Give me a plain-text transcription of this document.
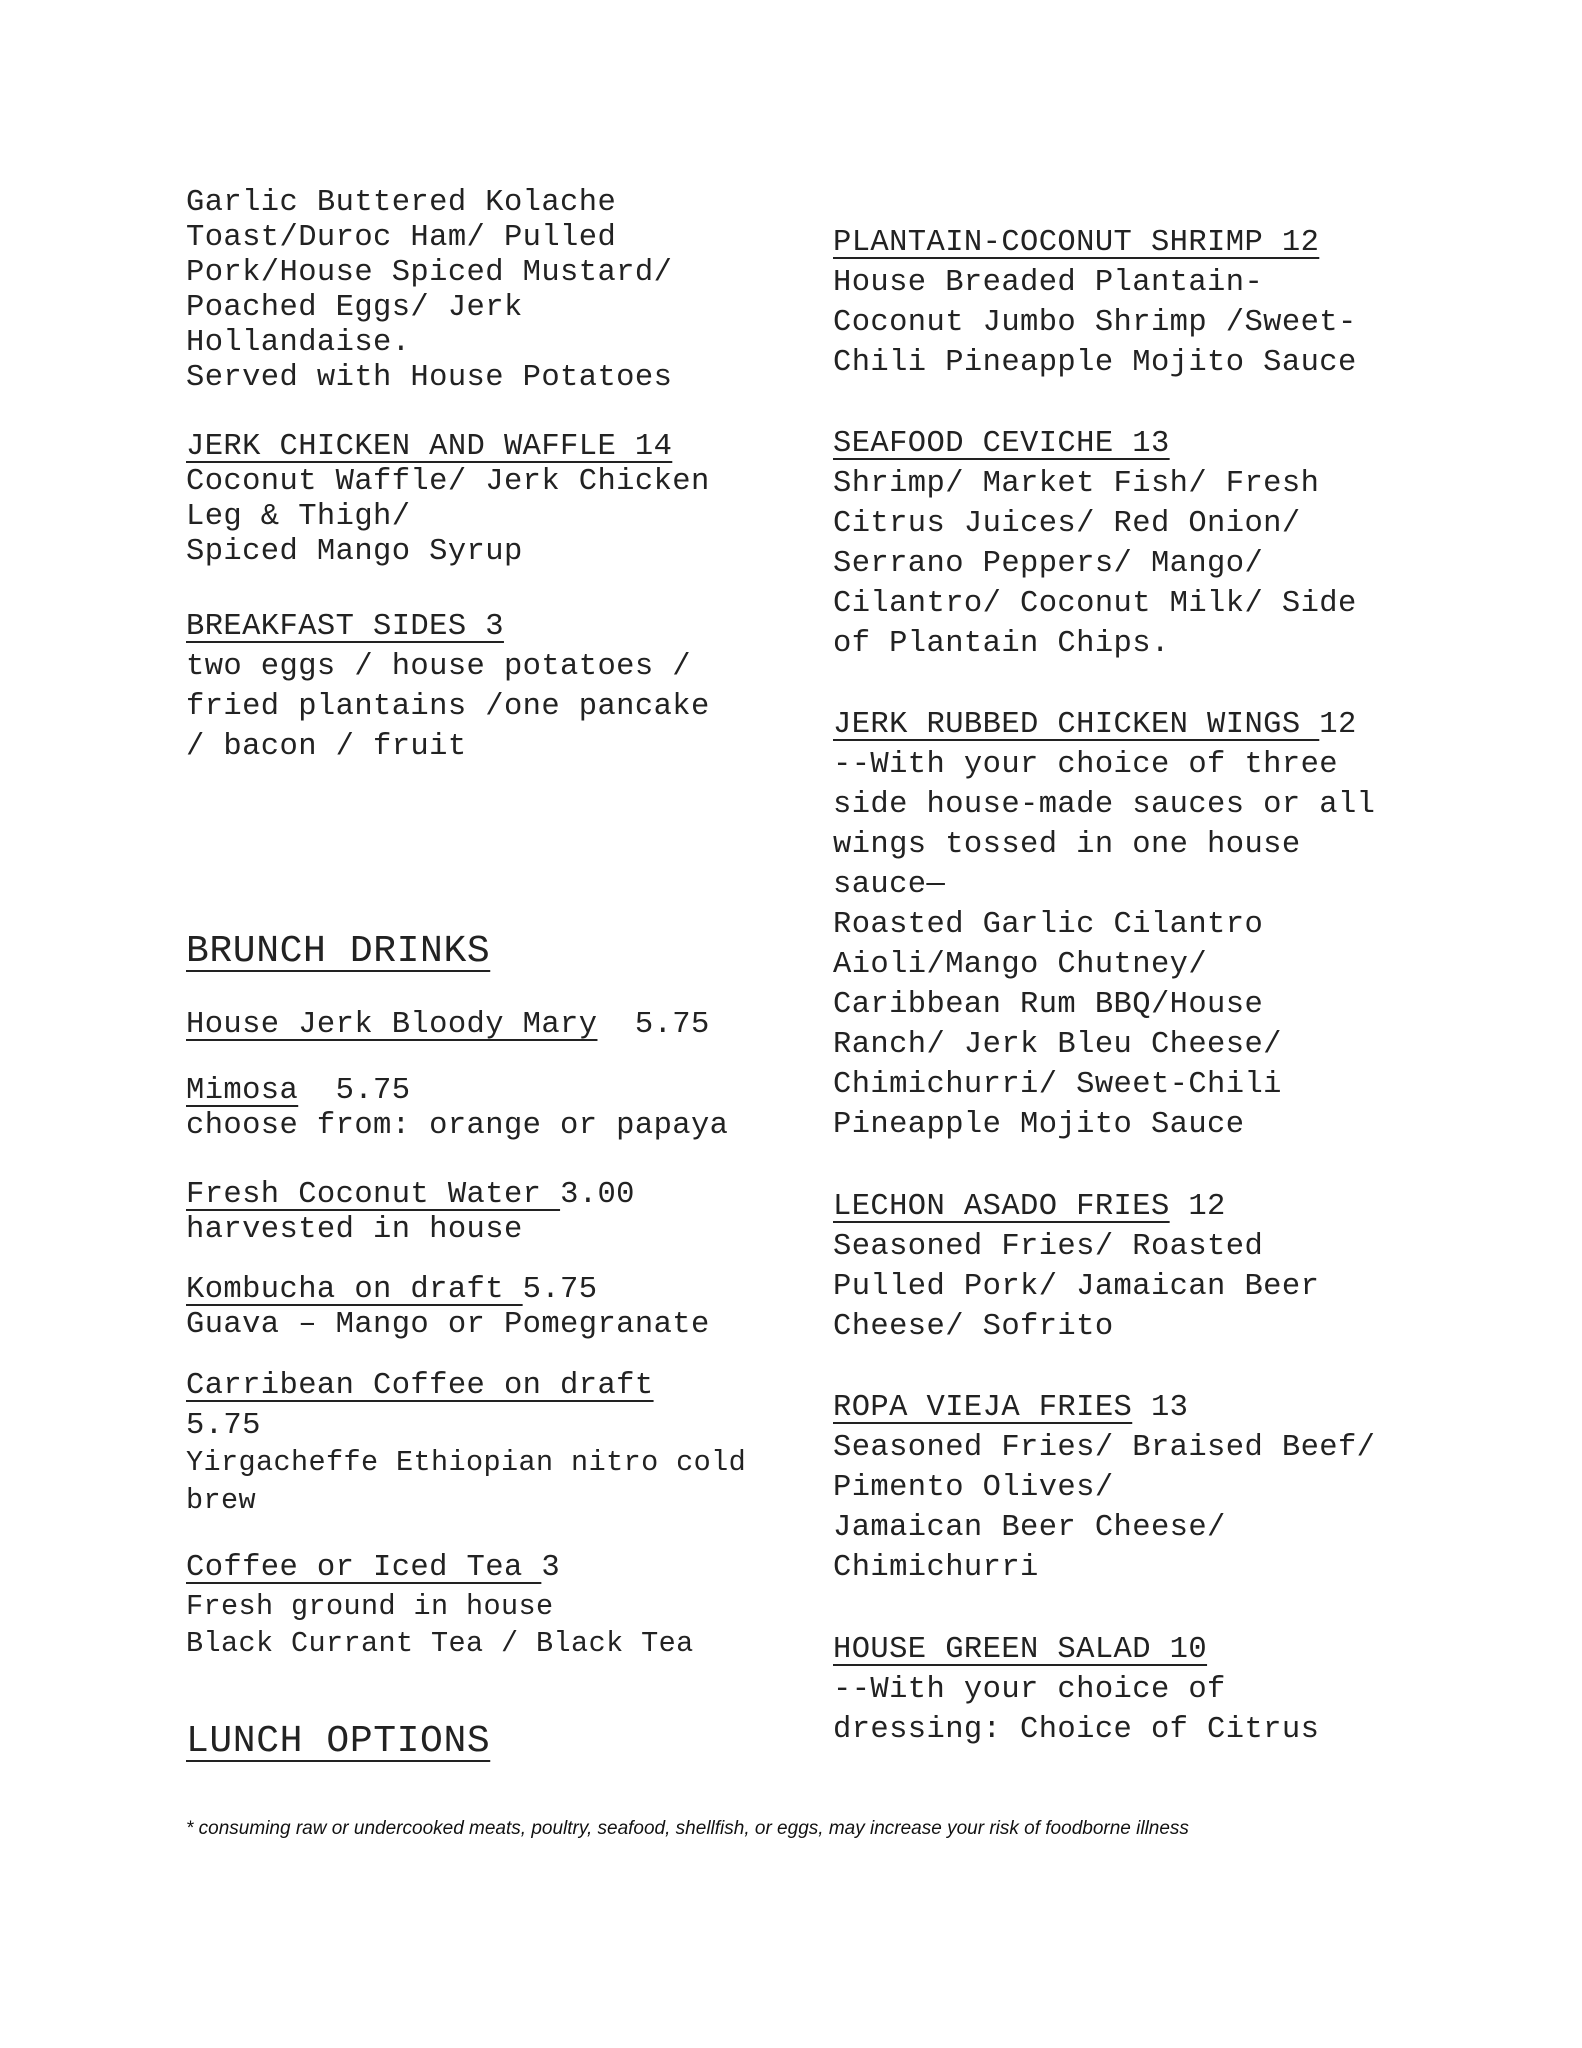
Garlic Buttered Kolache
Toast/Duroc Ham/ Pulled
Pork/House Spiced Mustard/
Poached Eggs/ Jerk
Hollandaise.
Served with House Potatoes
JERK CHICKEN AND WAFFLE 14
Coconut Waffle/ Jerk Chicken
Leg & Thigh/
Spiced Mango Syrup
BREAKFAST SIDES 3
two eggs / house potatoes /
fried plantains /one pancake
/ bacon / fruit
BRUNCH DRINKS
House Jerk Bloody Mary  5.75
Mimosa  5.75
choose from: orange or papaya
Fresh Coconut Water 3.00
harvested in house
Kombucha on draft 5.75
Guava – Mango or Pomegranate
Carribean Coffee on draft
5.75
Yirgacheffe Ethiopian nitro cold
brew
Coffee or Iced Tea 3
Fresh ground in house
Black Currant Tea / Black Tea
LUNCH OPTIONS
PLANTAIN-COCONUT SHRIMP 12
House Breaded Plantain-
Coconut Jumbo Shrimp /Sweet-
Chili Pineapple Mojito Sauce
SEAFOOD CEVICHE 13
Shrimp/ Market Fish/ Fresh
Citrus Juices/ Red Onion/
Serrano Peppers/ Mango/
Cilantro/ Coconut Milk/ Side
of Plantain Chips.
JERK RUBBED CHICKEN WINGS 12
--With your choice of three
side house-made sauces or all
wings tossed in one house
sauce—
Roasted Garlic Cilantro
Aioli/Mango Chutney/
Caribbean Rum BBQ/House
Ranch/ Jerk Bleu Cheese/
Chimichurri/ Sweet-Chili
Pineapple Mojito Sauce
LECHON ASADO FRIES 12
Seasoned Fries/ Roasted
Pulled Pork/ Jamaican Beer
Cheese/ Sofrito
ROPA VIEJA FRIES 13
Seasoned Fries/ Braised Beef/
Pimento Olives/
Jamaican Beer Cheese/
Chimichurri
HOUSE GREEN SALAD 10
--With your choice of
dressing: Choice of Citrus
* consuming raw or undercooked meats, poultry, seafood, shellfish, or eggs, may increase your risk of foodborne illness
